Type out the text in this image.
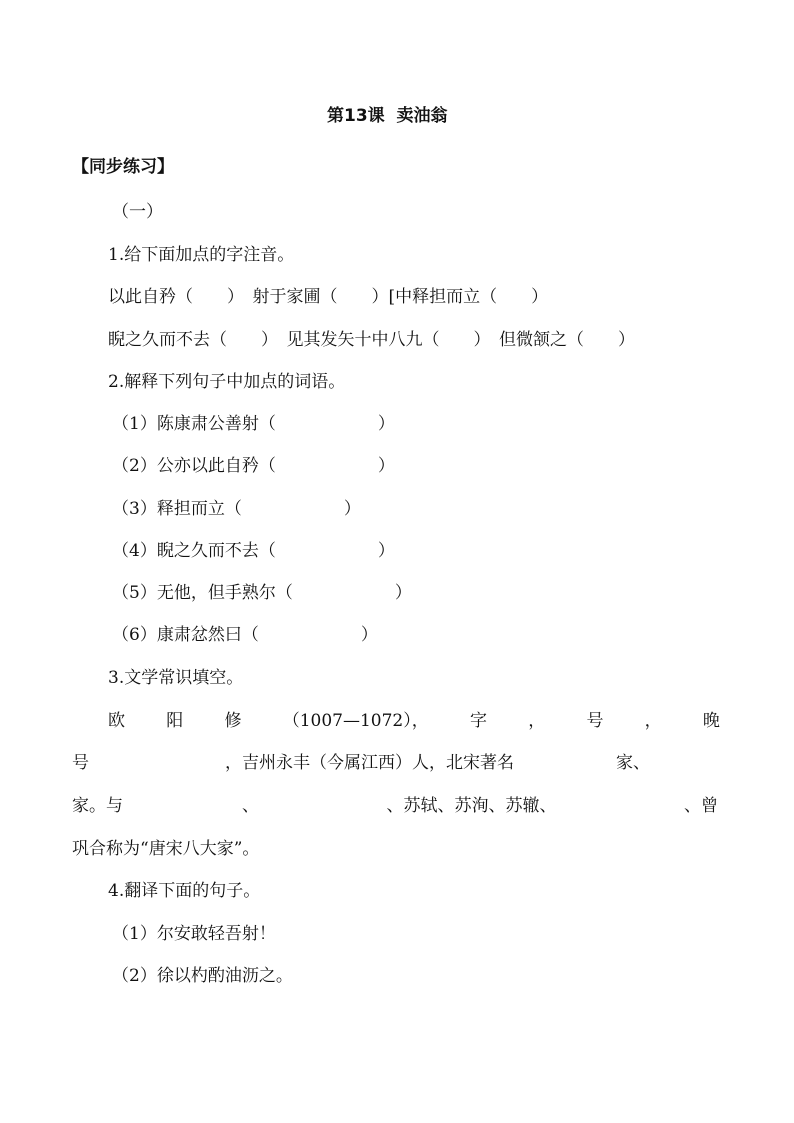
第13课  卖油翁
【同步练习】
（一）
1.给下面加点的字注音。
以此自矜（　　）　射于家圃（　　）[中释担而立（　　）
睨之久而不去（　　）　见其发矢十中八九（　　）　但微颔之（　　）
2.解释下列句子中加点的词语。
（1）陈康肃公善射（　　　　　　）
（2）公亦以此自矜（　　　　　　）
（3）释担而立（　　　　　　）
（4）睨之久而不去（　　　　　　）
（5）无他，但手熟尔（　　　　　　）
（6）康肃忿然曰（　　　　　　）
3.文学常识填空。
欧 阳 修 （1007—1072）， 字 ， 号 ， 晚
号　　　　　　　　，吉州永丰（今属江西）人，北宋著名　　　　　　家、
家。与　　　　　　　、　　　　　　　　、苏轼、苏洵、苏辙、　　　　　　　　、曾
巩合称为“唐宋八大家”。
4.翻译下面的句子。
（1）尔安敢轻吾射！
（2）徐以杓酌油沥之。
